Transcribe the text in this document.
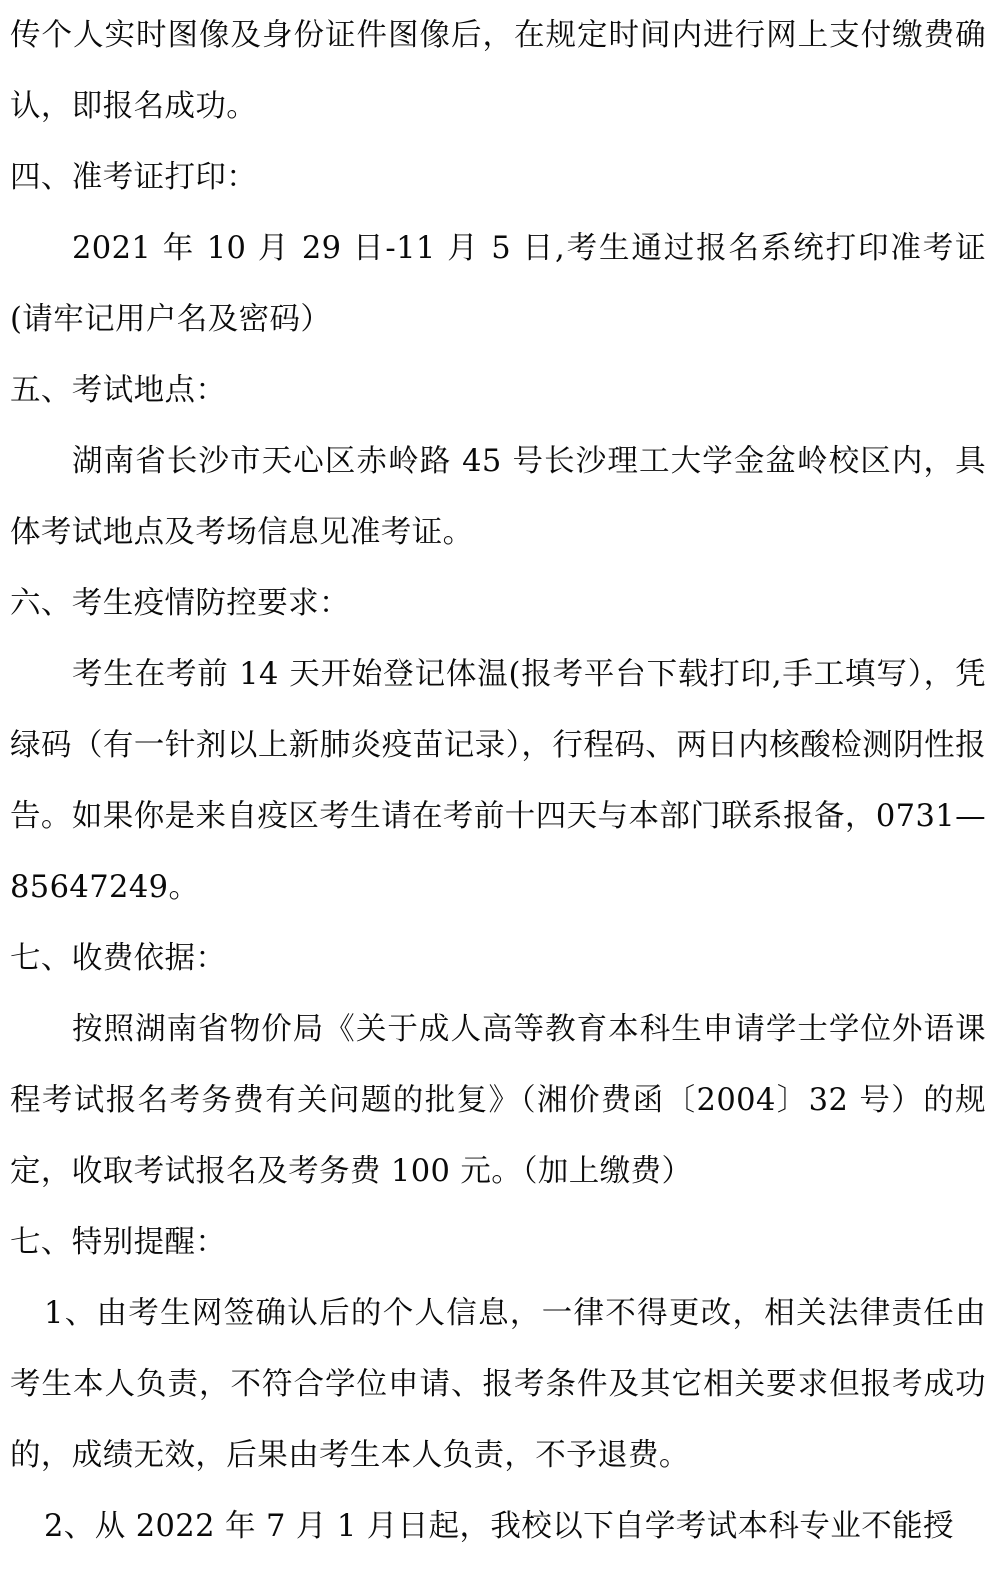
传个人实时图像及身份证件图像后，在规定时间内进行网上支付缴费确认，即报名成功。

四、准考证打印：

2021 年 10 月 29 日-11 月 5 日,考生通过报名系统打印准考证(请牢记用户名及密码）

五、考试地点：

湖南省长沙市天心区赤岭路 45 号长沙理工大学金盆岭校区内，具体考试地点及考场信息见准考证。

六、考生疫情防控要求：

考生在考前 14 天开始登记体温(报考平台下载打印,手工填写），凭绿码（有一针剂以上新肺炎疫苗记录），行程码、两日内核酸检测阴性报告。如果你是来自疫区考生请在考前十四天与本部门联系报备，0731—85647249。

七、收费依据：

按照湖南省物价局《关于成人高等教育本科生申请学士学位外语课程考试报名考务费有关问题的批复》（湘价费函〔2004〕32 号）的规定，收取考试报名及考务费 100 元。（加上缴费）

七、特别提醒：

1、由考生网签确认后的个人信息，一律不得更改，相关法律责任由考生本人负责，不符合学位申请、报考条件及其它相关要求但报考成功的，成绩无效，后果由考生本人负责，不予退费。

2、从 2022 年 7 月 1 月日起，我校以下自学考试本科专业不能授
